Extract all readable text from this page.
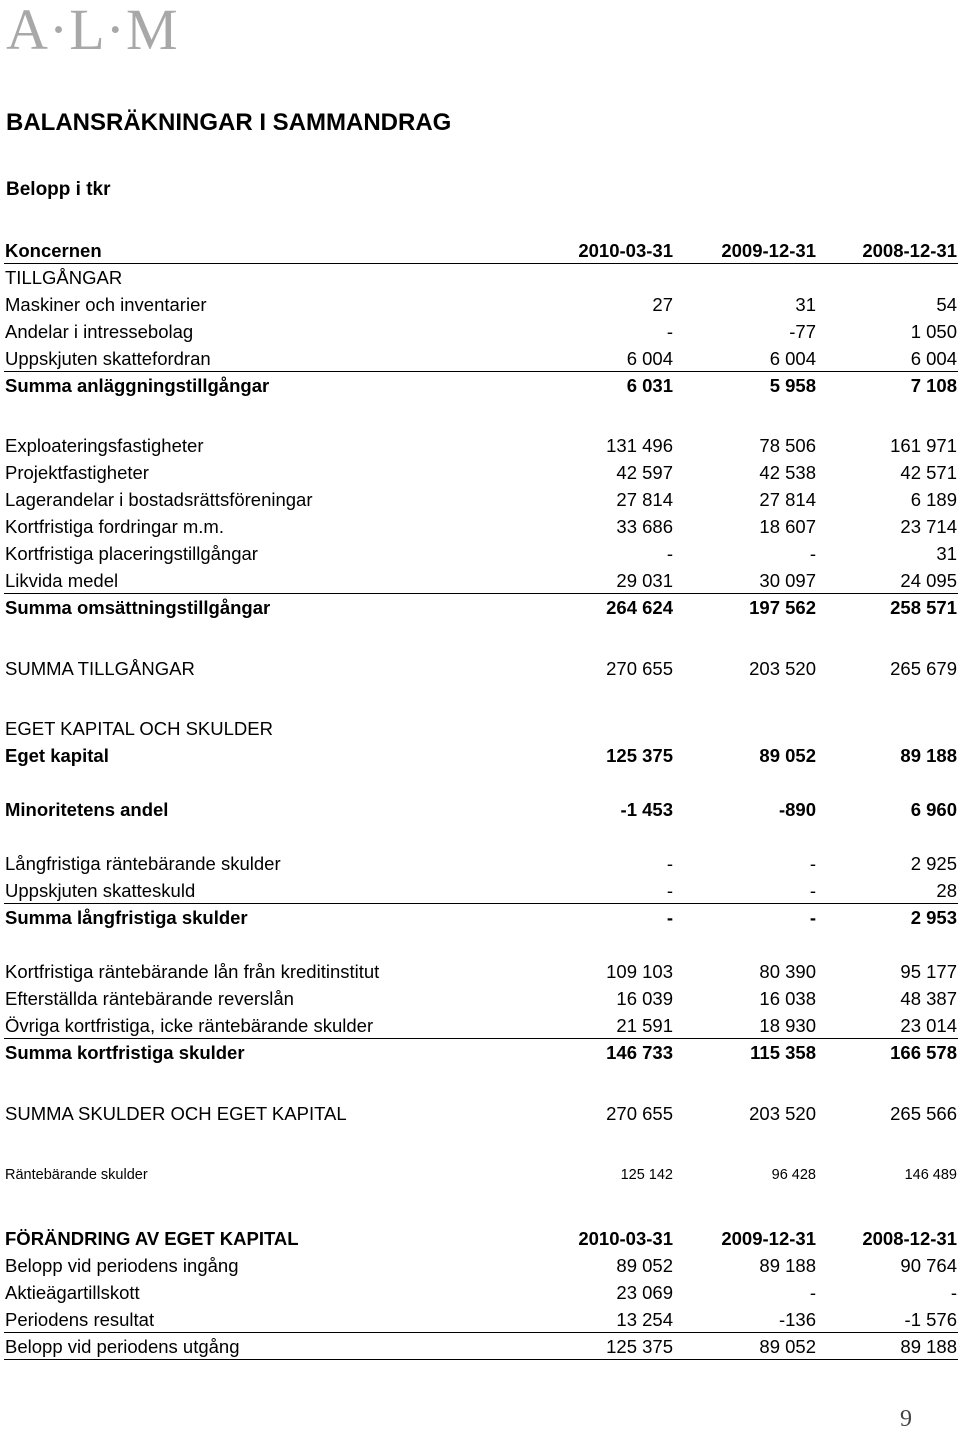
A·L·M
BALANSRÄKNINGAR I SAMMANDRAG
Belopp i tkr
Koncernen	2010-03-31	2009-12-31	2008-12-31
TILLGÅNGAR
Maskiner och inventarier	27	31	54
Andelar i intressebolag	-	-77	1 050
Uppskjuten skattefordran	6 004	6 004	6 004
Summa anläggningstillgångar	6 031	5 958	7 108
Exploateringsfastigheter	131 496	78 506	161 971
Projektfastigheter	42 597	42 538	42 571
Lagerandelar i bostadsrättsföreningar	27 814	27 814	6 189
Kortfristiga fordringar m.m.	33 686	18 607	23 714
Kortfristiga placeringstillgångar	-	-	31
Likvida medel	29 031	30 097	24 095
Summa omsättningstillgångar	264 624	197 562	258 571
SUMMA TILLGÅNGAR	270 655	203 520	265 679
EGET KAPITAL OCH SKULDER
Eget kapital	125 375	89 052	89 188
Minoritetens andel	-1 453	-890	6 960
Långfristiga räntebärande skulder	-	-	2 925
Uppskjuten skatteskuld	-	-	28
Summa långfristiga skulder	-	-	2 953
Kortfristiga räntebärande lån från kreditinstitut	109 103	80 390	95 177
Efterställda räntebärande reverslån	16 039	16 038	48 387
Övriga kortfristiga, icke räntebärande skulder	21 591	18 930	23 014
Summa kortfristiga skulder	146 733	115 358	166 578
SUMMA SKULDER OCH EGET KAPITAL	270 655	203 520	265 566
Räntebärande skulder	125 142	96 428	146 489
FÖRÄNDRING AV EGET KAPITAL	2010-03-31	2009-12-31	2008-12-31
Belopp vid periodens ingång	89 052	89 188	90 764
Aktieägartillskott	23 069	-	-
Periodens resultat	13 254	-136	-1 576
Belopp vid periodens utgång	125 375	89 052	89 188
9
